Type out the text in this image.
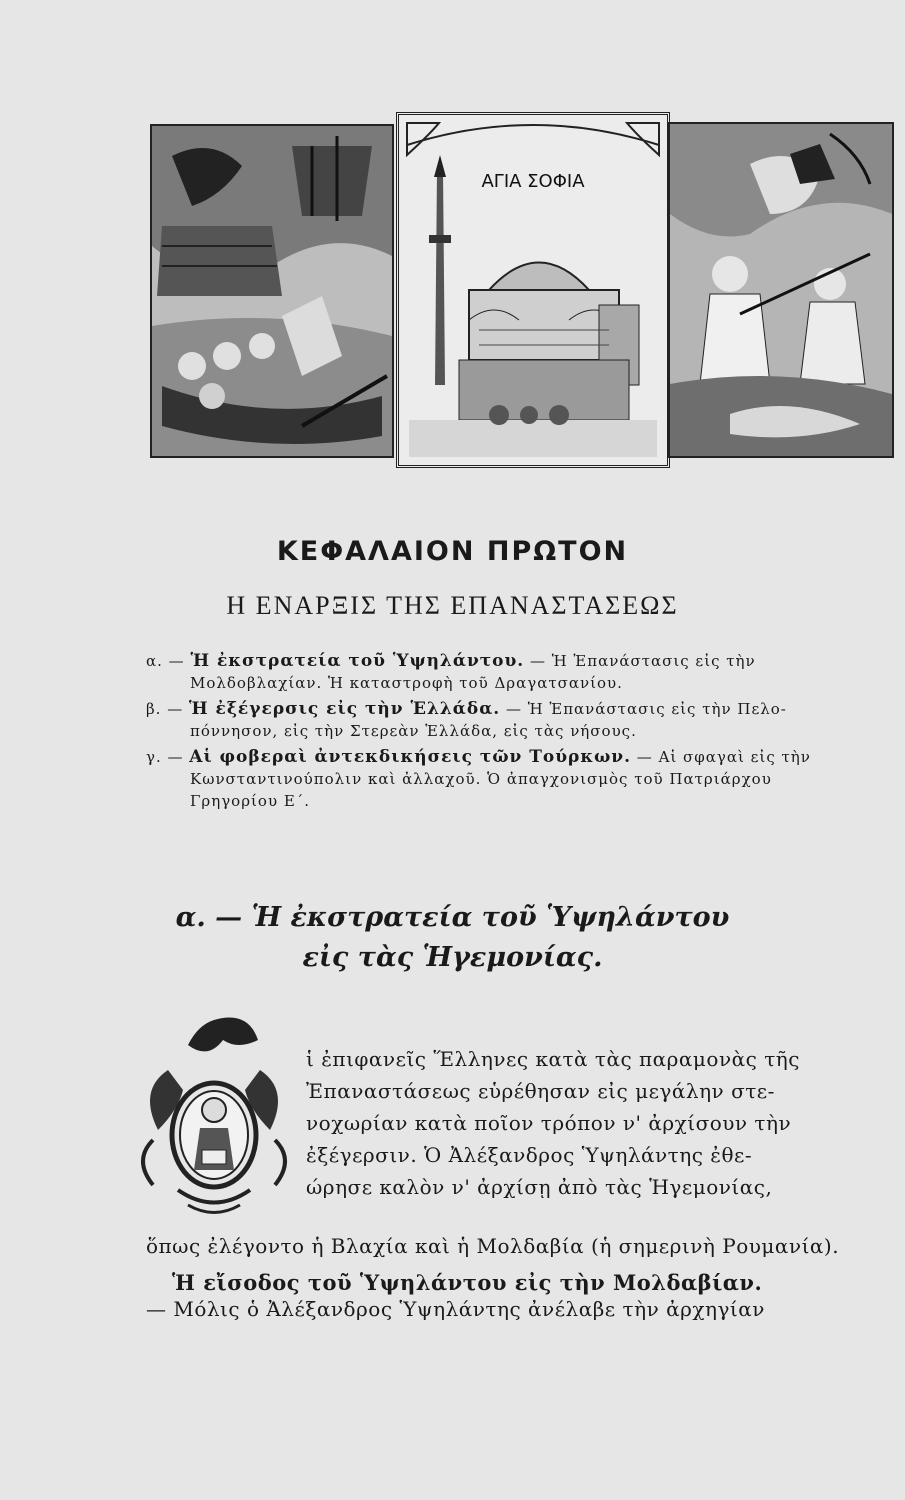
ΑΓΙΑ ΣΟΦΙΑ
ΚΕΦΑΛΑΙΟΝ ΠΡΩΤΟΝ
Η ΕΝΑΡΞΙΣ ΤΗΣ ΕΠΑΝΑΣΤΑΣΕΩΣ
α. — Ἡ ἐκστρατεία τοῦ Ὑψηλάντου. — Ἡ Ἐπανάστασις εἰς τὴν
Μολδοβλαχίαν. Ἡ καταστροφὴ τοῦ Δραγατσανίου.
β. — Ἡ ἐξέγερσις εἰς τὴν Ἑλλάδα. — Ἡ Ἐπανάστασις εἰς τὴν Πελο-
πόννησον, εἰς τὴν Στερεὰν Ἑλλάδα, εἰς τὰς νήσους.
γ. — Αἱ φοβεραὶ ἀντεκδικήσεις τῶν Τούρκων. — Αἱ σφαγαὶ εἰς τὴν
Κωνσταντινούπολιν καὶ ἀλλαχοῦ. Ὁ ἀπαγχονισμὸς τοῦ Πατριάρχου
Γρηγορίου Ε΄.
α. — Ἡ ἐκστρατεία τοῦ Ὑψηλάντου
εἰς τὰς Ἡγεμονίας.
ἱ ἐπιφανεῖς Ἕλληνες κατὰ τὰς παραμονὰς τῆς
Ἐπαναστάσεως εὑρέθησαν εἰς μεγάλην στε-
νοχωρίαν κατὰ ποῖον τρόπον ν' ἀρχίσουν τὴν
ἐξέγερσιν. Ὁ Ἀλέξανδρος Ὑψηλάντης ἐθε-
ώρησε καλὸν ν' ἀρχίσῃ ἀπὸ τὰς Ἡγεμονίας,
ὅπως ἐλέγοντο ἡ Βλαχία καὶ ἡ Μολδαβία (ἡ σημερινὴ Ρουμανία).
Ἡ εἴσοδος τοῦ Ὑψηλάντου εἰς τὴν Μολδαβίαν.
— Μόλις ὁ Ἀλέξανδρος Ὑψηλάντης ἀνέλαβε τὴν ἀρχηγίαν
